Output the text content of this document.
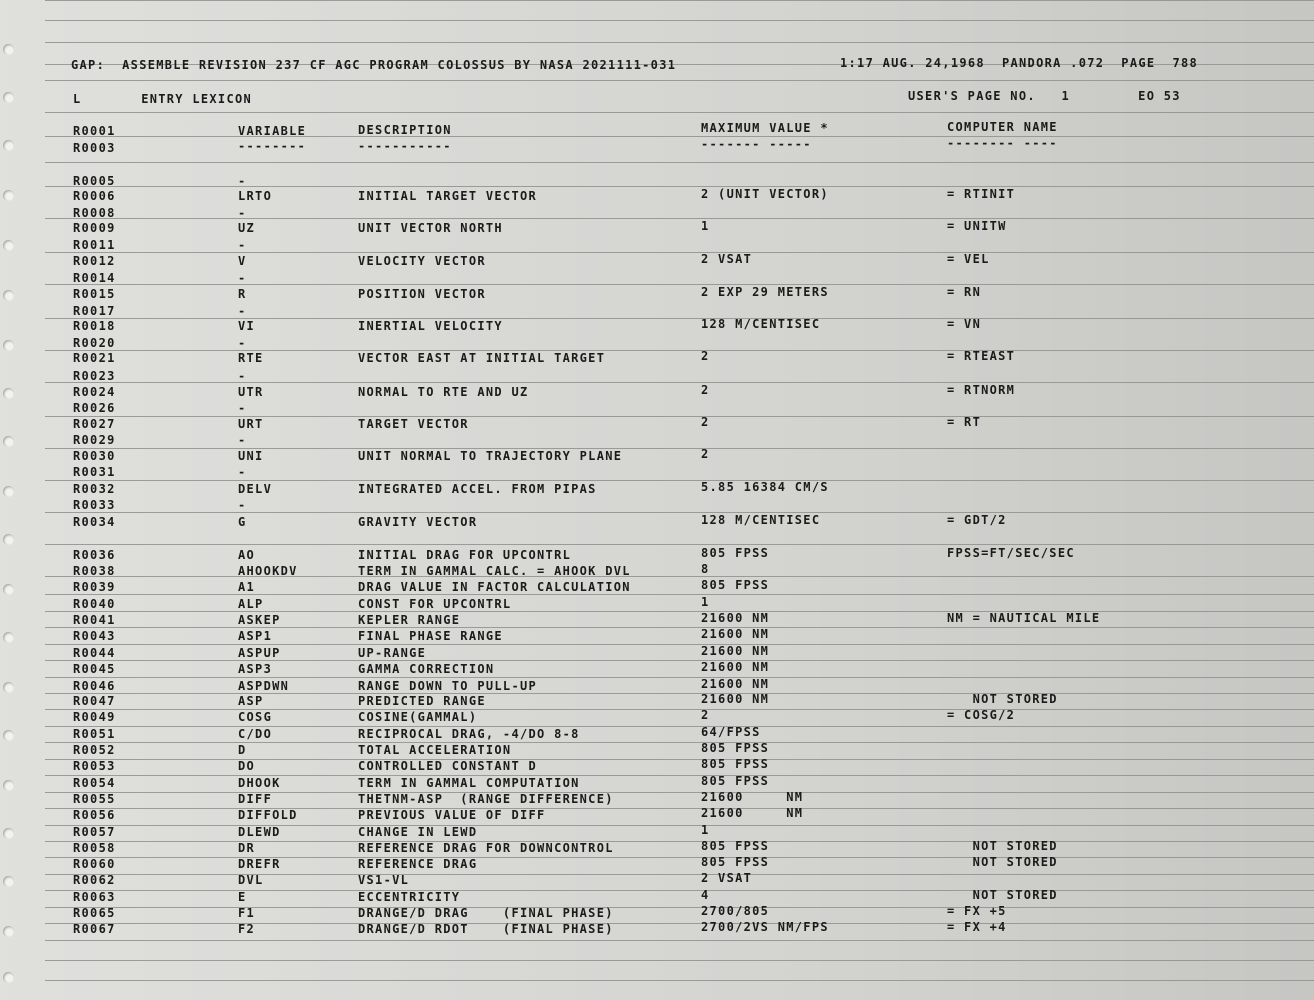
GAP:  ASSEMBLE REVISION 237 CF AGC PROGRAM COLOSSUS BY NASA 2021111-031	1:17 AUG. 24,1968  PANDORA .072  PAGE  788
L       ENTRY LEXICON	USER'S PAGE NO.   1        EO 53
R0001	VARIABLE	DESCRIPTION	MAXIMUM VALUE *	COMPUTER NAME
R0003	--------	-----------	------- -----	-------- ----
R0005	-
R0006	LRTO	INITIAL TARGET VECTOR	2 (UNIT VECTOR)	= RTINIT
R0008	-
R0009	UZ	UNIT VECTOR NORTH	1	= UNITW
R0011	-
R0012	V	VELOCITY VECTOR	2 VSAT	= VEL
R0014	-
R0015	R	POSITION VECTOR	2 EXP 29 METERS	= RN
R0017	-
R0018	VI	INERTIAL VELOCITY	128 M/CENTISEC	= VN
R0020	-
R0021	RTE	VECTOR EAST AT INITIAL TARGET	2	= RTEAST
R0023	-
R0024	UTR	NORMAL TO RTE AND UZ	2	= RTNORM
R0026	-
R0027	URT	TARGET VECTOR	2	= RT
R0029	-
R0030	UNI	UNIT NORMAL TO TRAJECTORY PLANE	2
R0031	-
R0032	DELV	INTEGRATED ACCEL. FROM PIPAS	5.85 16384 CM/S
R0033	-
R0034	G	GRAVITY VECTOR	128 M/CENTISEC	= GDT/2
R0036	AO	INITIAL DRAG FOR UPCONTRL	805 FPSS	FPSS=FT/SEC/SEC
R0038	AHOOKDV	TERM IN GAMMAL CALC. = AHOOK DVL	8
R0039	A1	DRAG VALUE IN FACTOR CALCULATION	805 FPSS
R0040	ALP	CONST FOR UPCONTRL	1
R0041	ASKEP	KEPLER RANGE	21600 NM	NM = NAUTICAL MILE
R0043	ASP1	FINAL PHASE RANGE	21600 NM
R0044	ASPUP	UP-RANGE	21600 NM
R0045	ASP3	GAMMA CORRECTION	21600 NM
R0046	ASPDWN	RANGE DOWN TO PULL-UP	21600 NM
R0047	ASP	PREDICTED RANGE	21600 NM	NOT STORED
R0049	COSG	COSINE(GAMMAL)	2	= COSG/2
R0051	C/DO	RECIPROCAL DRAG, -4/DO 8-8	64/FPSS
R0052	D	TOTAL ACCELERATION	805 FPSS
R0053	DO	CONTROLLED CONSTANT D	805 FPSS
R0054	DHOOK	TERM IN GAMMAL COMPUTATION	805 FPSS
R0055	DIFF	THETNM-ASP  (RANGE DIFFERENCE)	21600     NM
R0056	DIFFOLD	PREVIOUS VALUE OF DIFF	21600     NM
R0057	DLEWD	CHANGE IN LEWD	1
R0058	DR	REFERENCE DRAG FOR DOWNCONTROL	805 FPSS	NOT STORED
R0060	DREFR	REFERENCE DRAG	805 FPSS	NOT STORED
R0062	DVL	VS1-VL	2 VSAT
R0063	E	ECCENTRICITY	4	NOT STORED
R0065	F1	DRANGE/D DRAG    (FINAL PHASE)	2700/805	= FX +5
R0067	F2	DRANGE/D RDOT    (FINAL PHASE)	2700/2VS NM/FPS	= FX +4
